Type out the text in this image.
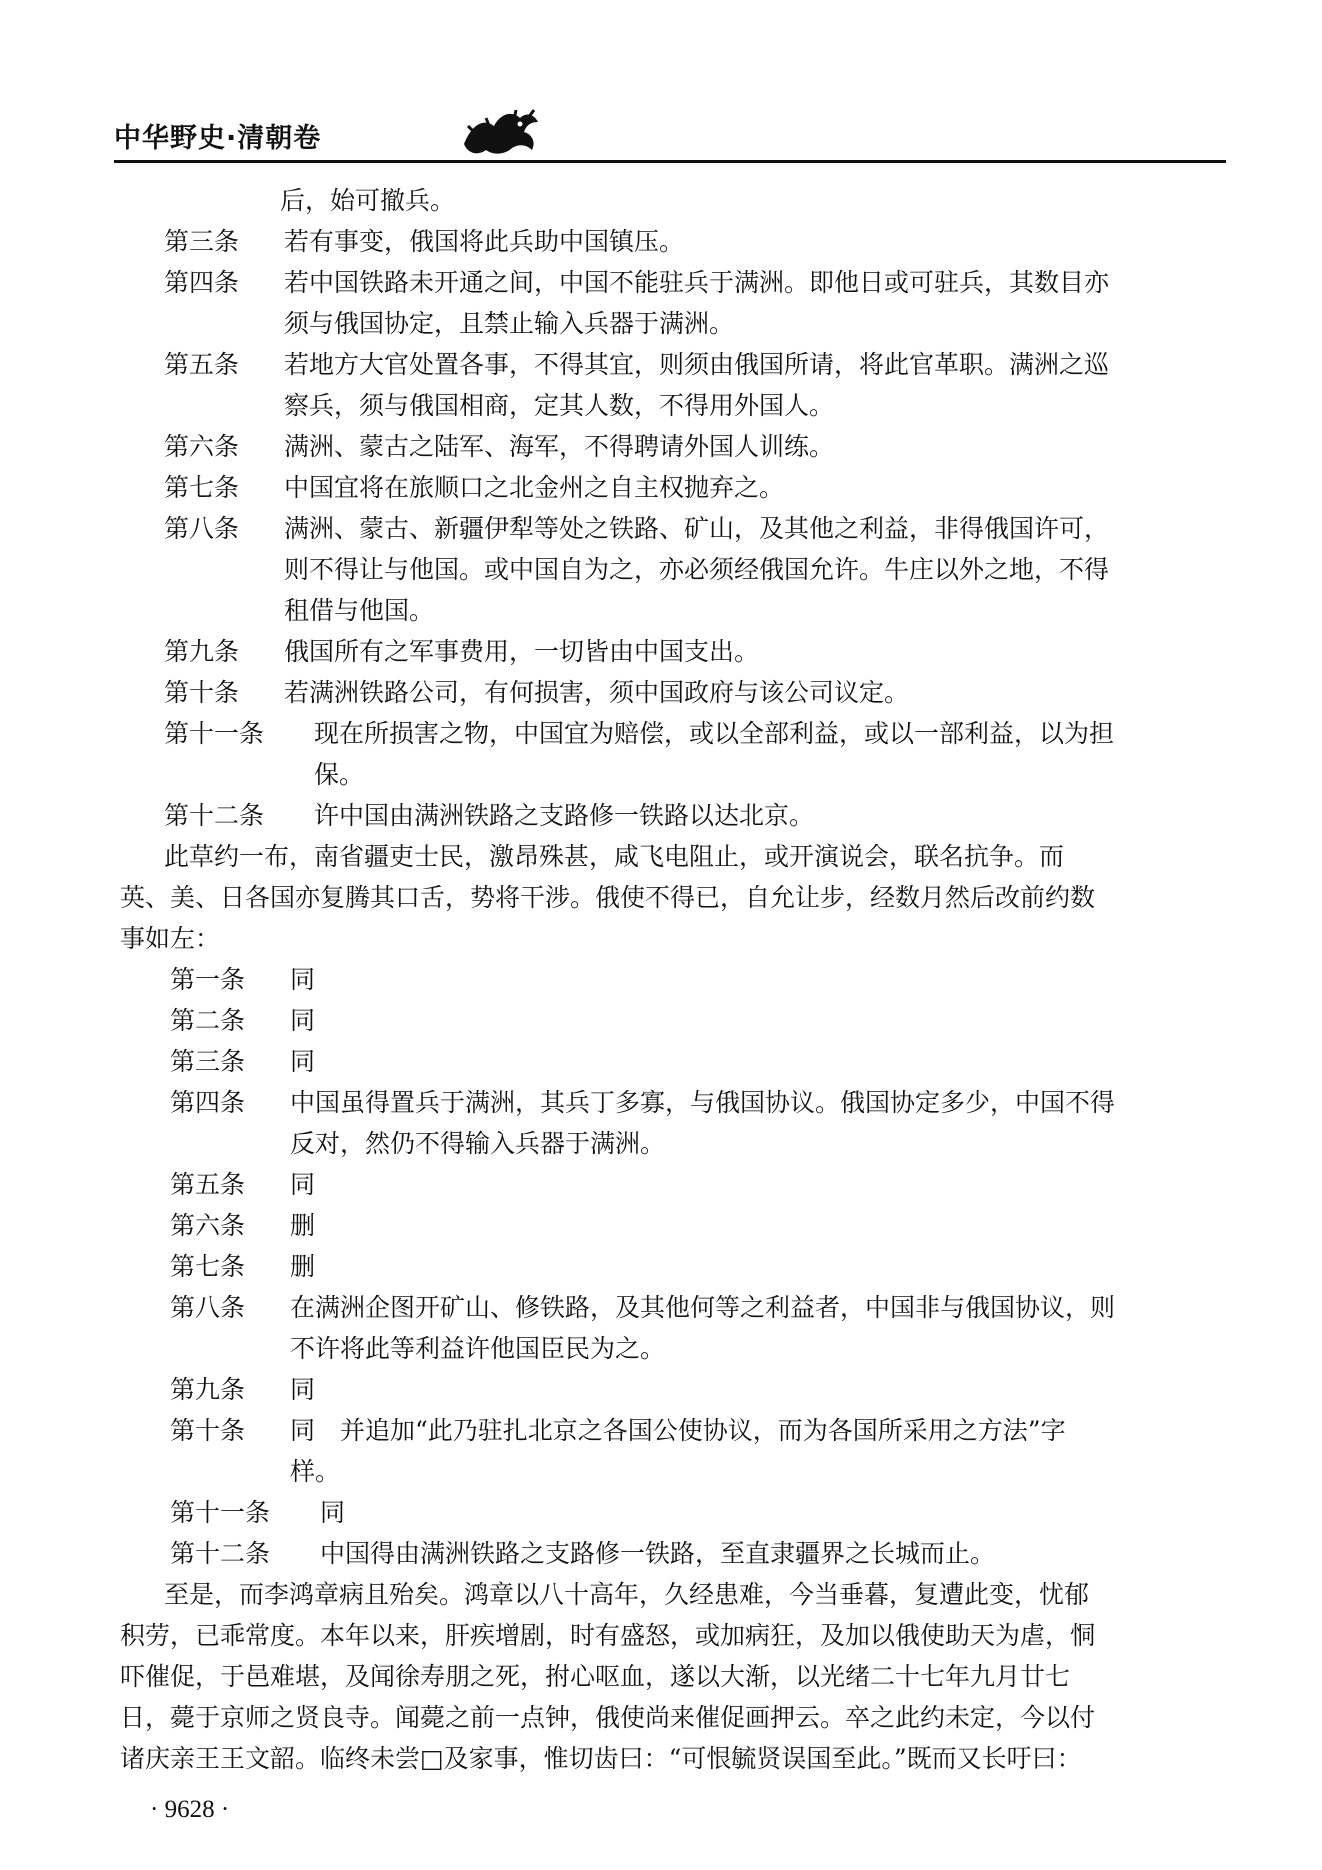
中华野史·清朝卷
后，始可撤兵。
第三条	若有事变，俄国将此兵助中国镇压。
第四条	若中国铁路未开通之间，中国不能驻兵于满洲。即他日或可驻兵，其数目亦
须与俄国协定，且禁止输入兵器于满洲。
第五条	若地方大官处置各事，不得其宜，则须由俄国所请，将此官革职。满洲之巡
察兵，须与俄国相商，定其人数，不得用外国人。
第六条	满洲、蒙古之陆军、海军，不得聘请外国人训练。
第七条	中国宜将在旅顺口之北金州之自主权抛弃之。
第八条	满洲、蒙古、新疆伊犁等处之铁路、矿山，及其他之利益，非得俄国许可，
则不得让与他国。或中国自为之，亦必须经俄国允许。牛庄以外之地，不得
租借与他国。
第九条	俄国所有之军事费用，一切皆由中国支出。
第十条	若满洲铁路公司，有何损害，须中国政府与该公司议定。
第十一条	现在所损害之物，中国宜为赔偿，或以全部利益，或以一部利益，以为担
保。
第十二条	许中国由满洲铁路之支路修一铁路以达北京。
此草约一布，南省疆吏士民，激昂殊甚，咸飞电阻止，或开演说会，联名抗争。而
英、美、日各国亦复腾其口舌，势将干涉。俄使不得已，自允让步，经数月然后改前约数
事如左：
第一条	同
第二条	同
第三条	同
第四条	中国虽得置兵于满洲，其兵丁多寡，与俄国协议。俄国协定多少，中国不得
反对，然仍不得输入兵器于满洲。
第五条	同
第六条	删
第七条	删
第八条	在满洲企图开矿山、修铁路，及其他何等之利益者，中国非与俄国协议，则
不许将此等利益许他国臣民为之。
第九条	同
第十条	同　并追加“此乃驻扎北京之各国公使协议，而为各国所采用之方法”字
样。
第十一条	同
第十二条	中国得由满洲铁路之支路修一铁路，至直隶疆界之长城而止。
至是，而李鸿章病且殆矣。鸿章以八十高年，久经患难，今当垂暮，复遭此变，忧郁
积劳，已乖常度。本年以来，肝疾增剧，时有盛怒，或加病狂，及加以俄使助天为虐，恫
吓催促，于邑难堪，及闻徐寿朋之死，拊心呕血，遂以大渐，以光绪二十七年九月廿七
日，薨于京师之贤良寺。闻薨之前一点钟，俄使尚来催促画押云。卒之此约未定，今以付
诸庆亲王王文韶。临终未尝□及家事，惟切齿曰：“可恨毓贤误国至此。”既而又长吁曰：
· 9628 ·
